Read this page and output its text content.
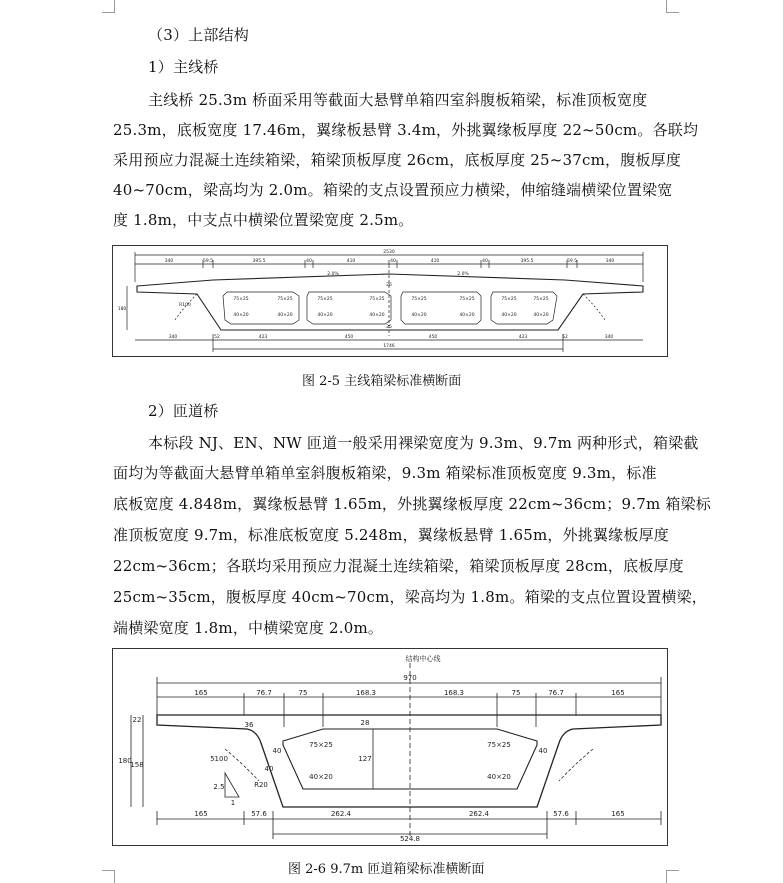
（3）上部结构
1）主线桥
主线桥 25.3m 桥面采用等截面大悬臂单箱四室斜腹板箱梁，标准顶板宽度
25.3m，底板宽度 17.46m，翼缘板悬臂 3.4m，外挑翼缘板厚度 22~50cm。各联均
采用预应力混凝土连续箱梁，箱梁顶板厚度 26cm，底板厚度 25~37cm，腹板厚度
40~70cm，梁高均为 2.0m。箱梁的支点设置预应力横梁，伸缩缝端横梁位置梁宽
度 1.8m，中支点中横梁位置梁宽度 2.5m。
2530
340	59.5	395.5	40	410	40	410	40	395.5	59.5	340
2.0%	2.0%
75×25	75×25
40×20	40×20
75×25	75×25
40×20	40×20
75×25	75×25
40×20	40×20
75×25	75×25
40×20	40×20
340	52	423	450	450	423	52	340
1746
180
R100
26
25
图 2-5 主线箱梁标准横断面
2）匝道桥
本标段 NJ、EN、NW 匝道一般采用裸梁宽度为 9.3m、9.7m 两种形式，箱梁截
面均为等截面大悬臂单箱单室斜腹板箱梁，9.3m 箱梁标准顶板宽度 9.3m，标准
底板宽度 4.848m，翼缘板悬臂 1.65m，外挑翼缘板厚度 22cm~36cm；9.7m 箱梁标
准顶板宽度 9.7m，标准底板宽度 5.248m，翼缘板悬臂 1.65m，外挑翼缘板厚度
22cm~36cm；各联均采用预应力混凝土连续箱梁，箱梁顶板厚度 28cm，底板厚度
25cm~35cm，腹板厚度 40cm~70cm，梁高均为 1.8m。箱梁的支点位置设置横梁，
端横梁宽度 1.8m，中横梁宽度 2.0m。
结构中心线
970
165	76.7	75	168.3	168.3	75	76.7	165
165	57.6	262.4	262.4	57.6	165
524.8
22
36
180
158
28
127
40	40
40
75×25	75×25
40×20	40×20
5100
R20
2.5
1
图 2-6 9.7m 匝道箱梁标准横断面
